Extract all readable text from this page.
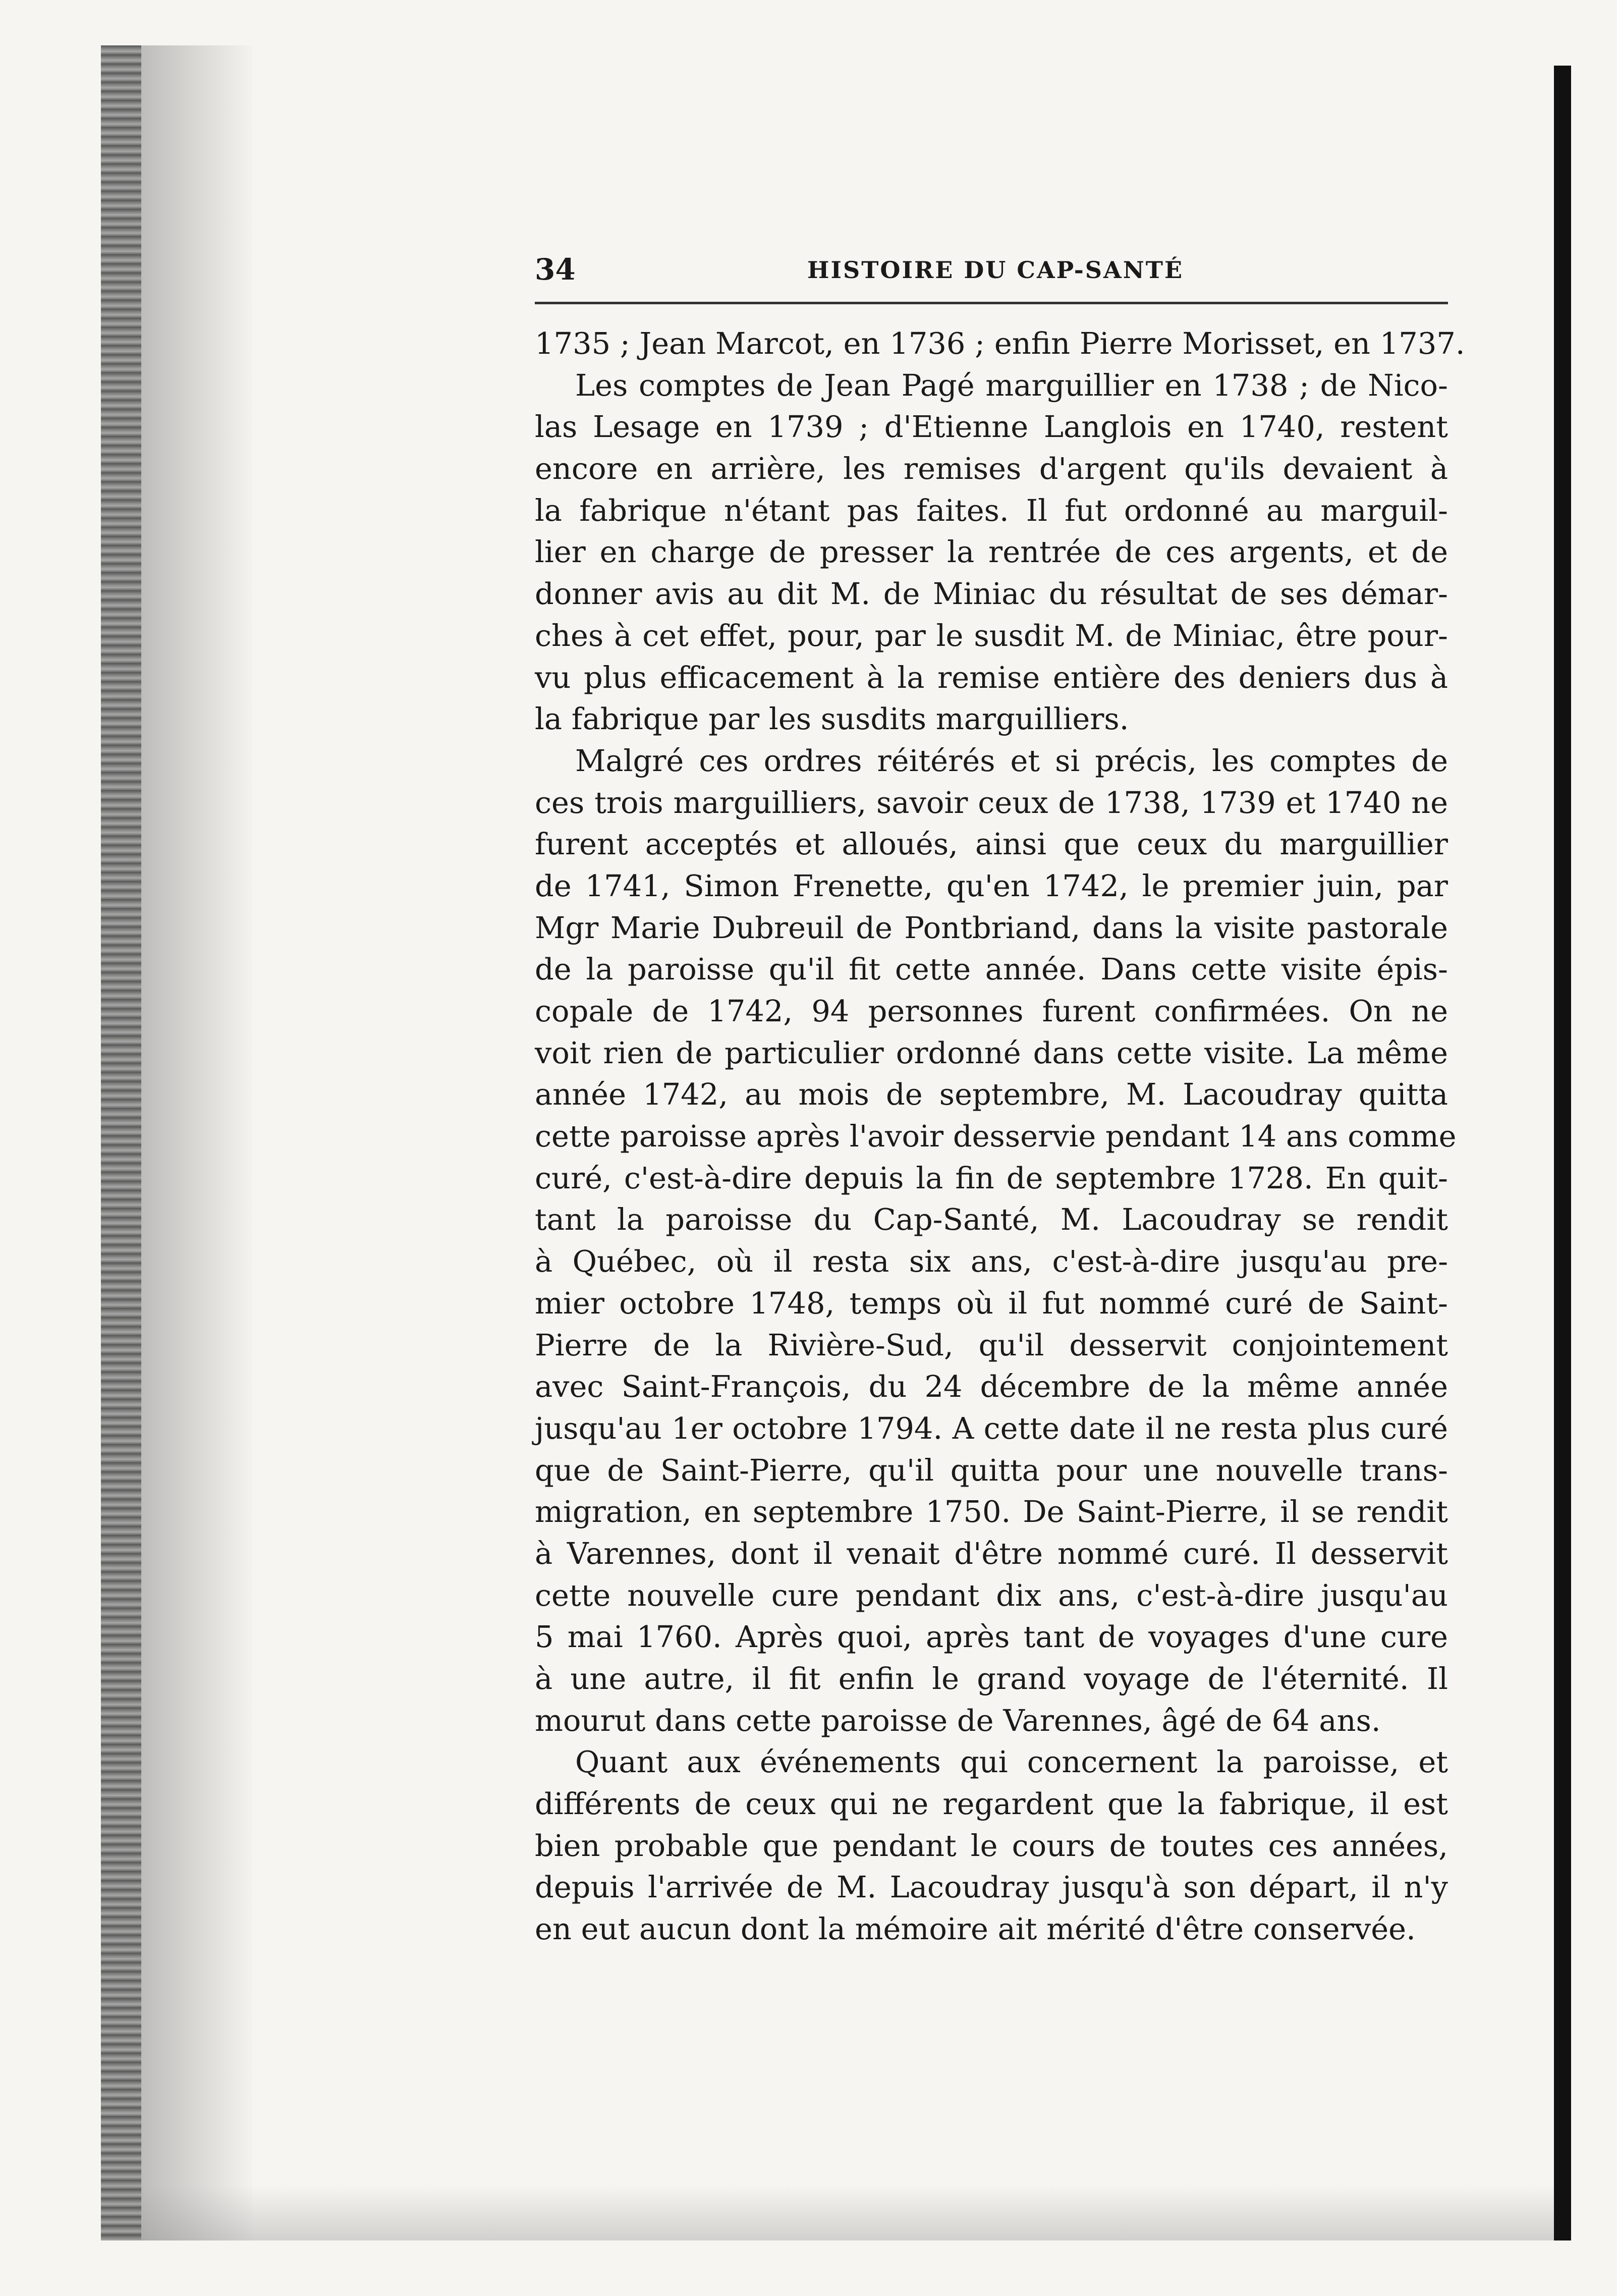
34	HISTOIRE DU CAP-SANTÉ
1735 ; Jean Marcot, en 1736 ; enfin Pierre Morisset, en 1737.
Les comptes de Jean Pagé marguillier en 1738 ; de Nico-
las Lesage en 1739 ; d'Etienne Langlois en 1740, restent
encore en arrière, les remises d'argent qu'ils devaient à
la fabrique n'étant pas faites. Il fut ordonné au marguil-
lier en charge de presser la rentrée de ces argents, et de
donner avis au dit M. de Miniac du résultat de ses démar-
ches à cet effet, pour, par le susdit M. de Miniac, être pour-
vu plus efficacement à la remise entière des deniers dus à
la fabrique par les susdits marguilliers.
Malgré ces ordres réitérés et si précis, les comptes de
ces trois marguilliers, savoir ceux de 1738, 1739 et 1740 ne
furent acceptés et alloués, ainsi que ceux du marguillier
de 1741, Simon Frenette, qu'en 1742, le premier juin, par
Mgr Marie Dubreuil de Pontbriand, dans la visite pastorale
de la paroisse qu'il fit cette année. Dans cette visite épis-
copale de 1742, 94 personnes furent confirmées. On ne
voit rien de particulier ordonné dans cette visite. La même
année 1742, au mois de septembre, M. Lacoudray quitta
cette paroisse après l'avoir desservie pendant 14 ans comme
curé, c'est-à-dire depuis la fin de septembre 1728. En quit-
tant la paroisse du Cap-Santé, M. Lacoudray se rendit
à Québec, où il resta six ans, c'est-à-dire jusqu'au pre-
mier octobre 1748, temps où il fut nommé curé de Saint-
Pierre de la Rivière-Sud, qu'il desservit conjointement
avec Saint-François, du 24 décembre de la même année
jusqu'au 1er octobre 1794. A cette date il ne resta plus curé
que de Saint-Pierre, qu'il quitta pour une nouvelle trans-
migration, en septembre 1750. De Saint-Pierre, il se rendit
à Varennes, dont il venait d'être nommé curé. Il desservit
cette nouvelle cure pendant dix ans, c'est-à-dire jusqu'au
5 mai 1760. Après quoi, après tant de voyages d'une cure
à une autre, il fit enfin le grand voyage de l'éternité. Il
mourut dans cette paroisse de Varennes, âgé de 64 ans.
Quant aux événements qui concernent la paroisse, et
différents de ceux qui ne regardent que la fabrique, il est
bien probable que pendant le cours de toutes ces années,
depuis l'arrivée de M. Lacoudray jusqu'à son départ, il n'y
en eut aucun dont la mémoire ait mérité d'être conservée.
